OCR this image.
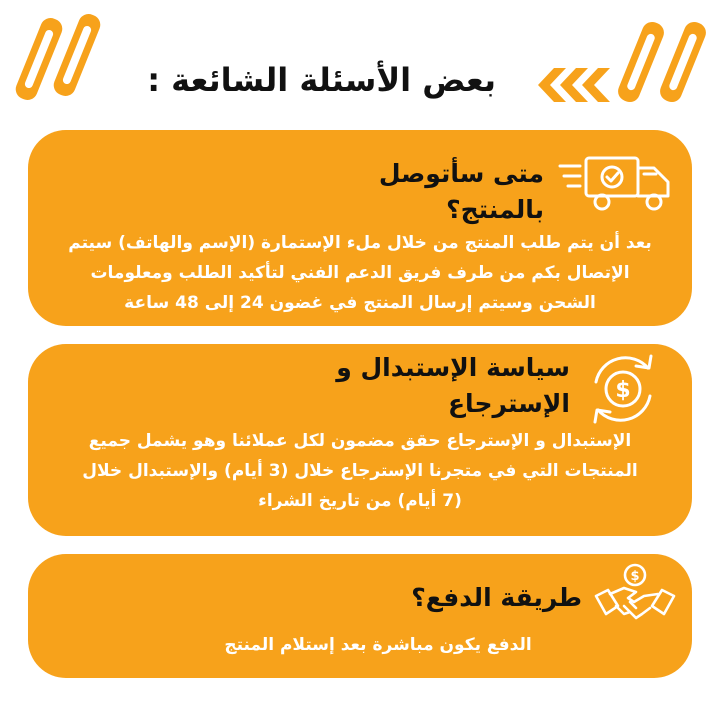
بعض الأسئلة الشائعة :
متى سأتوصل
بالمنتج؟
بعد أن يتم طلب المنتج من خلال ملء الإستمارة (الإسم والهاتف) سيتم
الإتصال بكم من طرف فريق الدعم الفني لتأكيد الطلب ومعلومات
الشحن وسيتم إرسال المنتج في غضون 24 إلى 48 ساعة
سياسة الإستبدال و
الإسترجاع $
الإستبدال و الإسترجاع حقق مضمون لكل عملائنا وهو يشمل جميع
المنتجات التي في متجرنا الإسترجاع خلال (3 أيام) والإستبدال خلال
(7 أيام) من تاريخ الشراء
طريقة الدفع؟
$
الدفع يكون مباشرة بعد إستلام المنتج
